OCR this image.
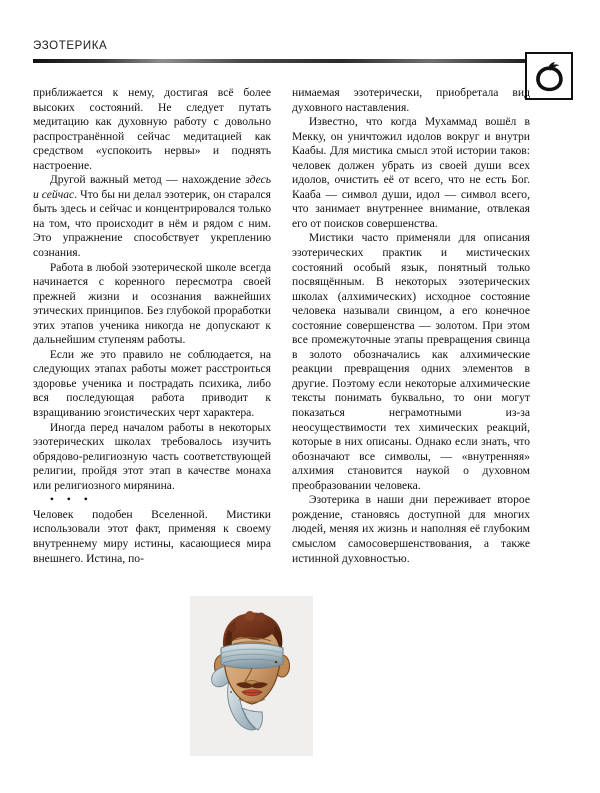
ЭЗОТЕРИКА

приближается к нему, достигая всё более высоких состояний. Не следует путать медитацию как духовную работу с довольно распространённой сейчас медитацией как средством «успокоить нервы» и поднять настроение.

Другой важный метод — нахождение здесь и сейчас. Что бы ни делал эзотерик, он старался быть здесь и сейчас и концентрировался только на том, что происходит в нём и рядом с ним. Это упражнение способствует укреплению сознания.

Работа в любой эзотерической школе всегда начинается с коренного пересмотра своей прежней жизни и осознания важнейших этических принципов. Без глубокой проработки этих этапов ученика никогда не допускают к дальнейшим ступеням работы.

Если же это правило не соблюдается, на следующих этапах работы может расстроиться здоровье ученика и пострадать психика, либо вся последующая работа приводит к взращиванию эгоистических черт характера.

Иногда перед началом работы в некоторых эзотерических школах требовалось изучить обрядово-религиозную часть соответствующей религии, пройдя этот этап в качестве монаха или религиозного мирянина.

• • •

Человек подобен Вселенной. Мистики использовали этот факт, применяя к своему внутреннему миру истины, касающиеся мира внешнего. Истина, по-

нимаемая эзотерически, приобретала вид духовного наставления.

Известно, что когда Мухаммад вошёл в Мекку, он уничтожил идолов вокруг и внутри Каабы. Для мистика смысл этой истории таков: человек должен убрать из своей души всех идолов, очистить её от всего, что не есть Бог. Кааба — символ души, идол — символ всего, что занимает внутреннее внимание, отвлекая его от поисков совершенства.

Мистики часто применяли для описания эзотерических практик и мистических состояний особый язык, понятный только посвящённым. В некоторых эзотерических школах (алхимических) исходное состояние человека называли свинцом, а его конечное состояние совершенства — золотом. При этом все промежуточные этапы превращения свинца в золото обозначались как алхимические реакции превращения одних элементов в другие. Поэтому если некоторые алхимические тексты понимать буквально, то они могут показаться неграмотными из-за неосуществимости тех химических реакций, которые в них описаны. Однако если знать, что обозначают все символы, — «внутренняя» алхимия становится наукой о духовном преобразовании человека.

Эзотерика в наши дни переживает второе рождение, становясь доступной для многих людей, меняя их жизнь и наполняя её глубоким смыслом самосовершенствования, а также истинной духовностью.
